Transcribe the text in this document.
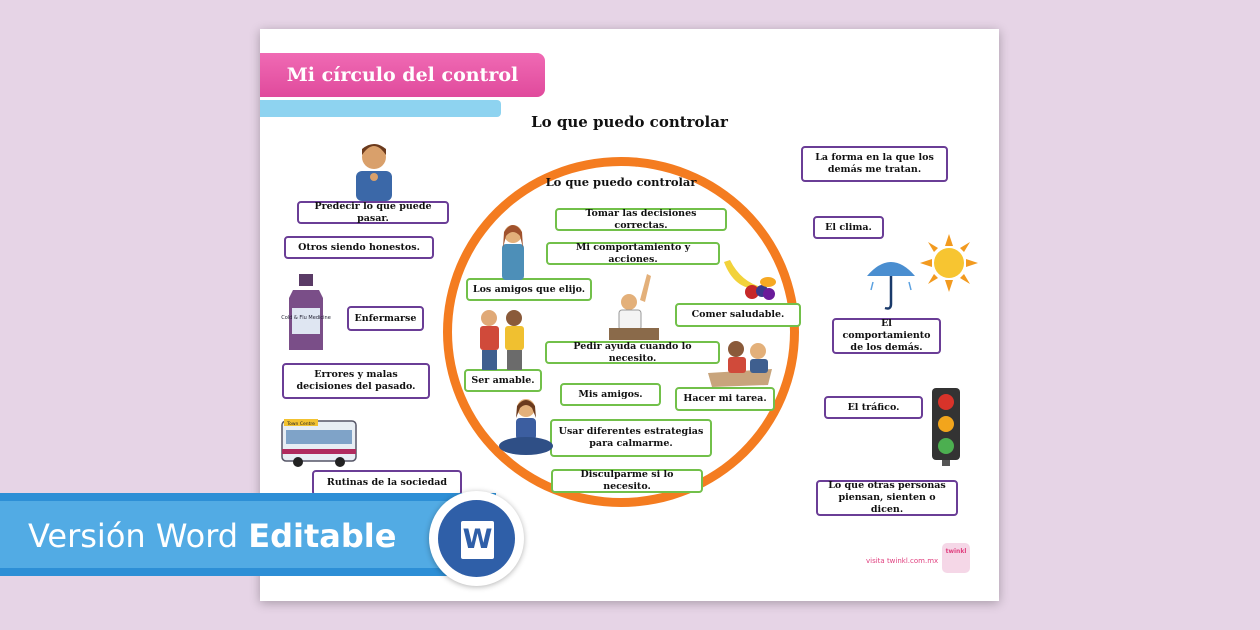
Mi círculo del control
Lo que puedo controlar
Lo que puedo controlar
Tomar las decisiones correctas.
Mi comportamiento y acciones.
Los amigos que elijo.
Comer saludable.
Pedir ayuda cuando lo necesito.
Ser amable.
Mis amigos.	Hacer mi tarea.
Usar diferentes estrategias para calmarme.
Disculparme si lo necesito.
Predecir lo que puede pasar.
Otros siendo honestos.
Enfermarse
Errores y malas decisiones del pasado.
Rutinas de la sociedad
La forma en la que los demás me tratan.
El clima.
El comportamiento de los demás.
El tráfico.
Lo que otras personas piensan, sienten o dicen.
Cold & Flu Medicine
Town Centre
visita twinkl.com.mx
twinkl
Versión Word Editable W
